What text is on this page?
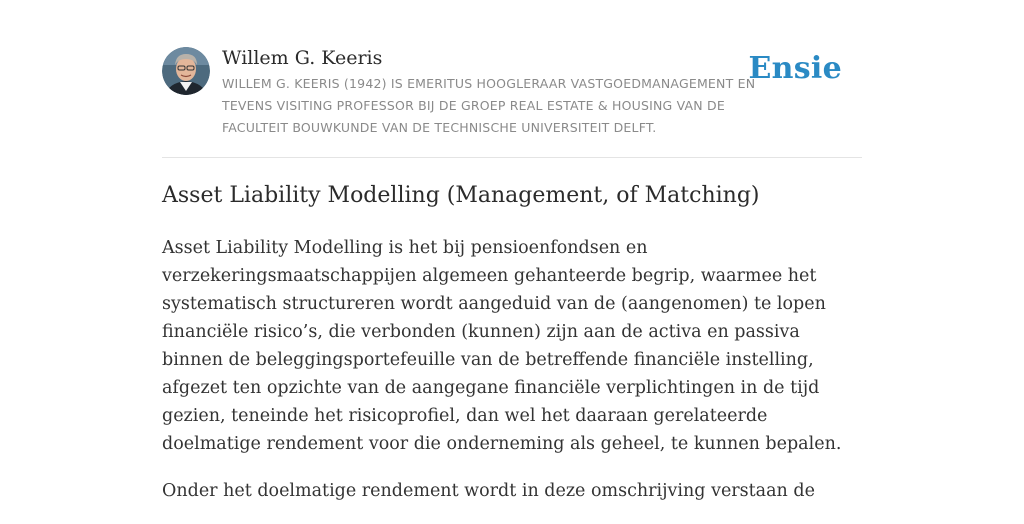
Willem G. Keeris
WILLEM G. KEERIS (1942) IS EMERITUS HOOGLERAAR VASTGOEDMANAGEMENT EN TEVENS VISITING PROFESSOR BIJ DE GROEP REAL ESTATE & HOUSING VAN DE FACULTEIT BOUWKUNDE VAN DE TECHNISCHE UNIVERSITEIT DELFT.
Ensie
Asset Liability Modelling (Management, of Matching)

Asset Liability Modelling is het bij pensioenfondsen en verzekeringsmaatschappijen algemeen gehanteerde begrip, waarmee het systematisch structureren wordt aangeduid van de (aangenomen) te lopen financiële risico’s, die verbonden (kunnen) zijn aan de activa en passiva binnen de beleggingsportefeuille van de betreffende financiële instelling, afgezet ten opzichte van de aangegane financiële verplichtingen in de tijd gezien, teneinde het risicoprofiel, dan wel het daaraan gerelateerde doelmatige rendement voor die onderneming als geheel, te kunnen bepalen.

Onder het doelmatige rendement wordt in deze omschrijving verstaan de
